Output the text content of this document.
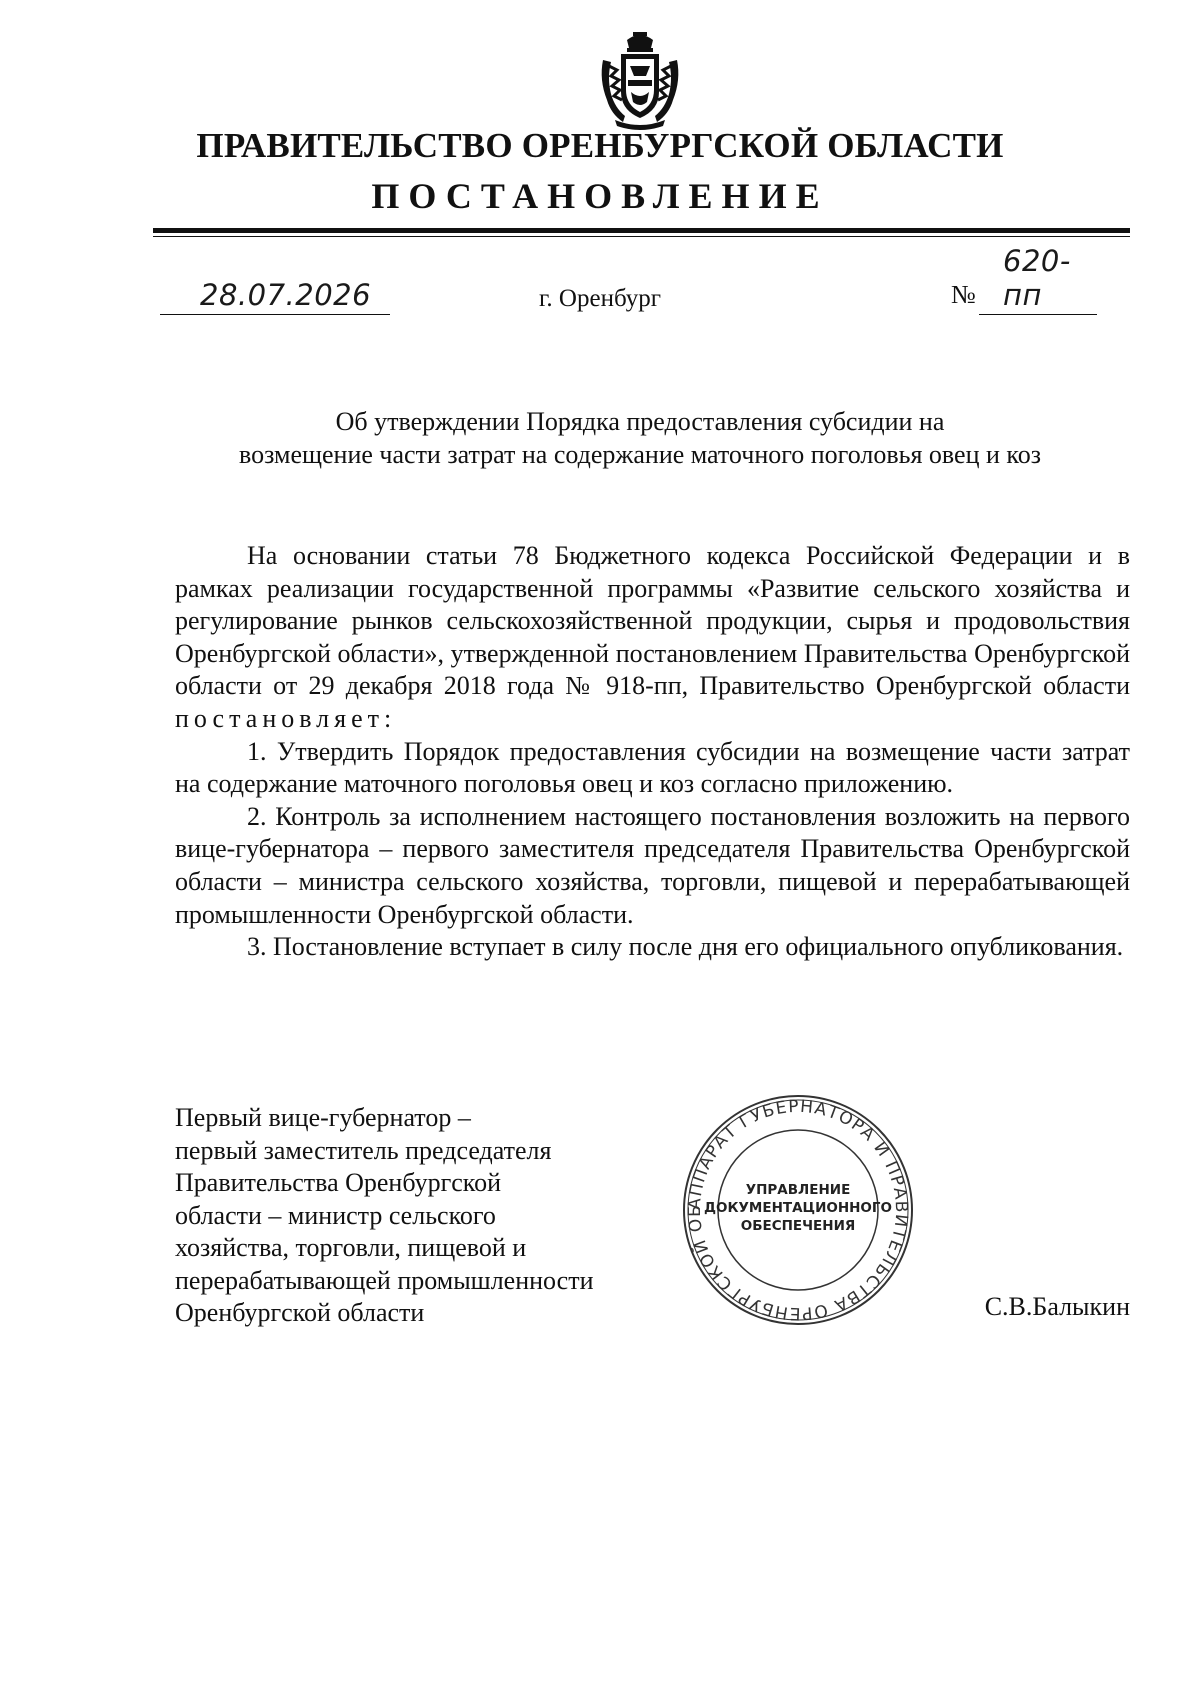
ПРАВИТЕЛЬСТВО ОРЕНБУРГСКОЙ ОБЛАСТИ
ПОСТАНОВЛЕНИЕ
28.07.2026	г. Оренбург	№
620-пп
Об утверждении Порядка предоставления субсидии на
возмещение части затрат на содержание маточного поголовья овец и коз

На основании статьи 78 Бюджетного кодекса Российской Федерации и в рамках реализации государственной программы «Развитие сельского хозяйства и регулирование рынков сельскохозяйственной продукции, сырья и продовольствия Оренбургской области», утвержденной постановлением Правительства Оренбургской области от 29 декабря 2018 года № 918-пп, Правительство Оренбургской области постановляет:

1. Утвердить Порядок предоставления субсидии на возмещение части затрат на содержание маточного поголовья овец и коз согласно приложению.

2. Контроль за исполнением настоящего постановления возложить на первого вице-губернатора – первого заместителя председателя Правительства Оренбургской области – министра сельского хозяйства, торговли, пищевой и перерабатывающей промышленности Оренбургской области.

3. Постановление вступает в силу после дня его официального опубликования.

Первый вице-губернатор –
первый заместитель председателя
Правительства Оренбургской
области – министр сельского
хозяйства, торговли, пищевой и
перерабатывающей промышленности
Оренбургской области
АППАРАТ ГУБЕРНАТОРА И ПРАВИТЕЛЬСТВА ОРЕНБУРГСКОЙ ОБ
УПРАВЛЕНИЕ
ДОКУМЕНТАЦИОННОГО
ОБЕСПЕЧЕНИЯ
С.В.Балыкин
